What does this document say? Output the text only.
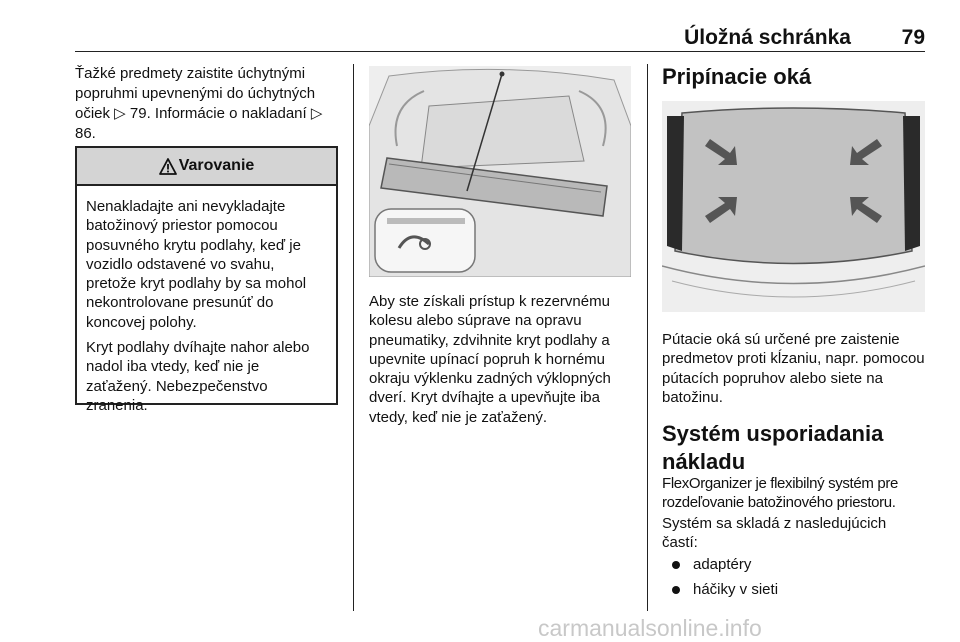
Úložná schránka 79

Ťažké predmety zaistite úchytnými popruhmi upevnenými do úchytných očiek ▷ 79. Informácie o nakladaní ▷ 86.

Varovanie

Nenakladajte ani nevykladajte batožinový priestor pomocou posuvného krytu podlahy, keď je vozidlo odstavené vo svahu, pretože kryt podlahy by sa mohol nekontrolovane presunúť do koncovej polohy.

Kryt podlahy dvíhajte nahor alebo nadol iba vtedy, keď nie je zaťažený. Nebezpečenstvo zranenia.

Aby ste získali prístup k rezervnému kolesu alebo súprave na opravu pneumatiky, zdvihnite kryt podlahy a upevnite upínací popruh k hornému okraju výklenku zadných výklopných dverí. Kryt dvíhajte a upevňujte iba vtedy, keď nie je zaťažený.
Pripínacie oká
Pútacie oká sú určené pre zaistenie predmetov proti kĺzaniu, napr. pomocou pútacích popruhov alebo siete na batožinu.
Systém usporiadania nákladu
FlexOrganizer je flexibilný systém pre rozdeľovanie batožinového priestoru.
Systém sa skladá z nasledujúcich častí:
adaptéry
háčiky v sieti
carmanualsonline.info
